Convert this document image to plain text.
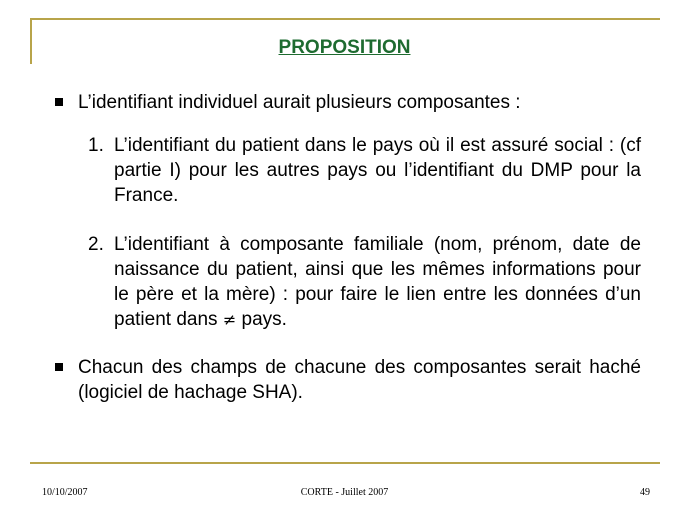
PROPOSITION
L’identifiant individuel aurait plusieurs composantes :
1. L’identifiant du patient dans le pays où il est assuré social : (cf partie I) pour les autres pays ou l’identifiant du DMP pour la France.
2. L’identifiant à composante familiale (nom, prénom, date de naissance du patient, ainsi que les mêmes informations pour le père et la mère) : pour faire le lien entre les données d’un patient dans ≠ pays.
Chacun des champs de chacune des composantes serait haché (logiciel de hachage SHA).
10/10/2007	CORTE - Juillet 2007	49
